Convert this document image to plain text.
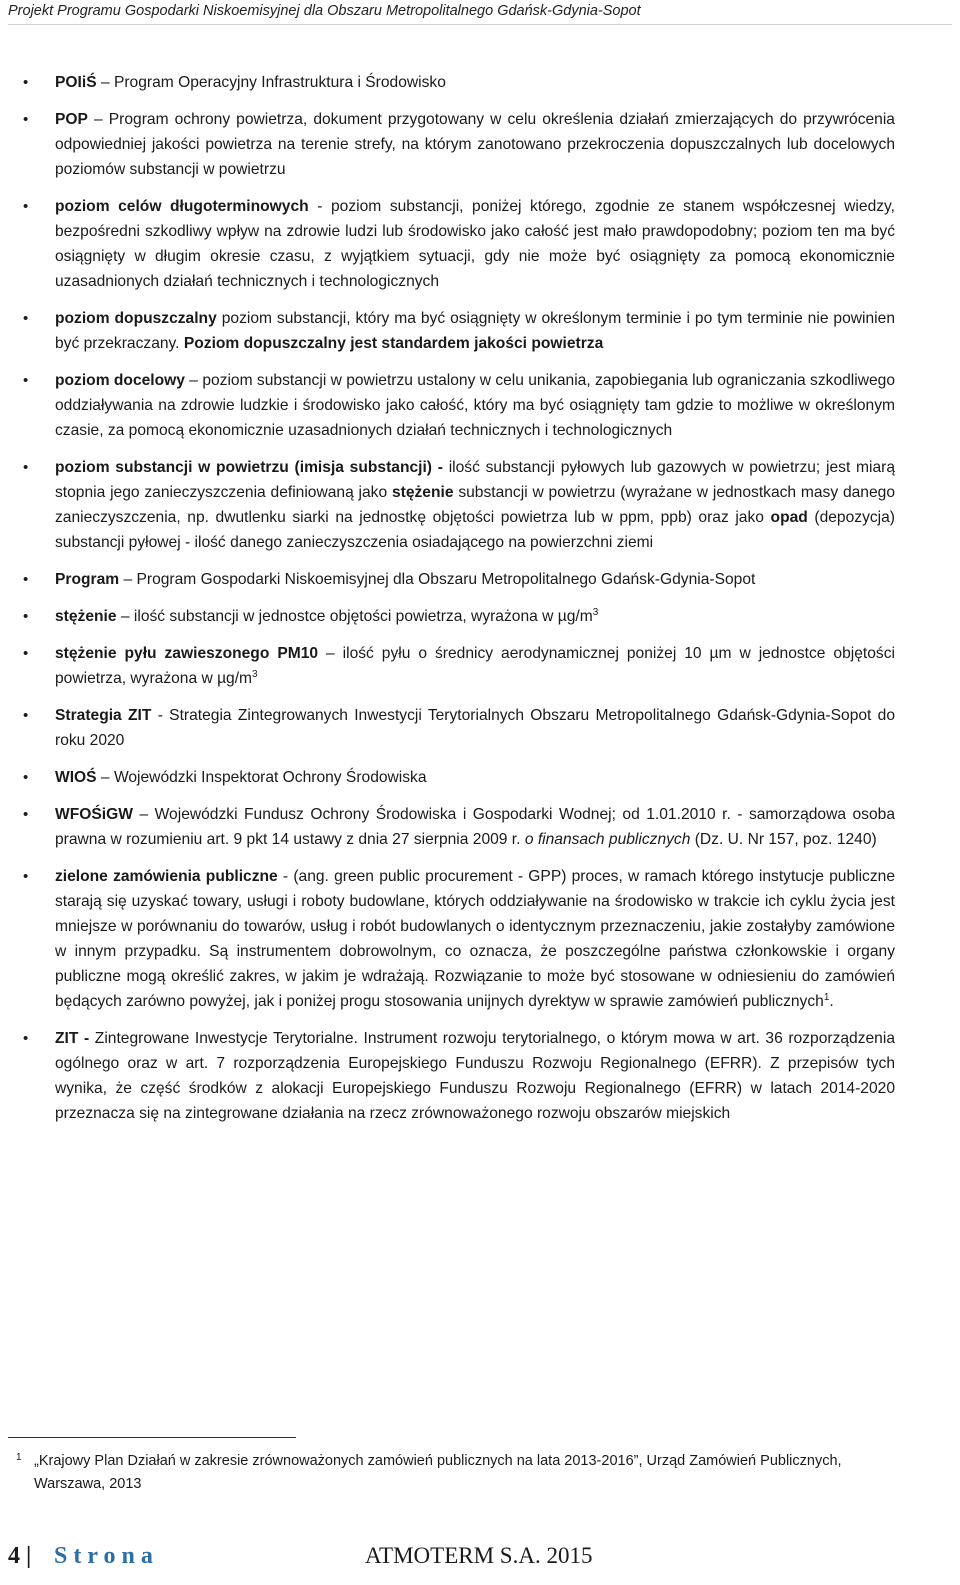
Projekt Programu Gospodarki Niskoemisyjnej dla Obszaru Metropolitalnego Gdańsk-Gdynia-Sopot
• POIiŚ – Program Operacyjny Infrastruktura i Środowisko
• POP – Program ochrony powietrza, dokument przygotowany w celu określenia działań zmierzających do przywrócenia odpowiedniej jakości powietrza na terenie strefy, na którym zanotowano przekroczenia dopuszczalnych lub docelowych poziomów substancji w powietrzu
• poziom celów długoterminowych - poziom substancji, poniżej którego, zgodnie ze stanem współczesnej wiedzy, bezpośredni szkodliwy wpływ na zdrowie ludzi lub środowisko jako całość jest mało prawdopodobny; poziom ten ma być osiągnięty w długim okresie czasu, z wyjątkiem sytuacji, gdy nie może być osiągnięty za pomocą ekonomicznie uzasadnionych działań technicznych i technologicznych
• poziom dopuszczalny poziom substancji, który ma być osiągnięty w określonym terminie i po tym terminie nie powinien być przekraczany. Poziom dopuszczalny jest standardem jakości powietrza
• poziom docelowy – poziom substancji w powietrzu ustalony w celu unikania, zapobiegania lub ograniczania szkodliwego oddziaływania na zdrowie ludzkie i środowisko jako całość, który ma być osiągnięty tam gdzie to możliwe w określonym czasie, za pomocą ekonomicznie uzasadnionych działań technicznych i technologicznych
• poziom substancji w powietrzu (imisja substancji) - ilość substancji pyłowych lub gazowych w powietrzu; jest miarą stopnia jego zanieczyszczenia definiowaną jako stężenie substancji w powietrzu (wyrażane w jednostkach masy danego zanieczyszczenia, np. dwutlenku siarki na jednostkę objętości powietrza lub w ppm, ppb) oraz jako opad (depozycja) substancji pyłowej - ilość danego zanieczyszczenia osiadającego na powierzchni ziemi
• Program – Program Gospodarki Niskoemisyjnej dla Obszaru Metropolitalnego Gdańsk-Gdynia-Sopot
• stężenie – ilość substancji w jednostce objętości powietrza, wyrażona w $\mu g/m^3$
• stężenie pyłu zawieszonego PM10 – ilość pyłu o średnicy aerodynamicznej poniżej 10 µm w jednostce objętości powietrza, wyrażona w $\mu g/m^3$
• Strategia ZIT - Strategia Zintegrowanych Inwestycji Terytorialnych Obszaru Metropolitalnego Gdańsk-Gdynia-Sopot do roku 2020
• WIOŚ – Wojewódzki Inspektorat Ochrony Środowiska
• WFOŚiGW – Wojewódzki Fundusz Ochrony Środowiska i Gospodarki Wodnej; od 1.01.2010 r. - samorządowa osoba prawna w rozumieniu art. 9 pkt 14 ustawy z dnia 27 sierpnia 2009 r. o finansach publicznych (Dz. U. Nr 157, poz. 1240)
• zielone zamówienia publiczne - (ang. green public procurement - GPP) proces, w ramach którego instytucje publiczne starają się uzyskać towary, usługi i roboty budowlane, których oddziaływanie na środowisko w trakcie ich cyklu życia jest mniejsze w porównaniu do towarów, usług i robót budowlanych o identycznym przeznaczeniu, jakie zostałyby zamówione w innym przypadku. Są instrumentem dobrowolnym, co oznacza, że poszczególne państwa członkowskie i organy publiczne mogą określić zakres, w jakim je wdrażają. Rozwiązanie to może być stosowane w odniesieniu do zamówień będących zarówno powyżej, jak i poniżej progu stosowania unijnych dyrektyw w sprawie zamówień publicznych$^1$.
• ZIT - Zintegrowane Inwestycje Terytorialne. Instrument rozwoju terytorialnego, o którym mowa w art. 36 rozporządzenia ogólnego oraz w art. 7 rozporządzenia Europejskiego Funduszu Rozwoju Regionalnego (EFRR). Z przepisów tych wynika, że część środków z alokacji Europejskiego Funduszu Rozwoju Regionalnego (EFRR) w latach 2014-2020 przeznacza się na zintegrowane działania na rzecz zrównoważonego rozwoju obszarów miejskich
1 „Krajowy Plan Działań w zakresie zrównoważonych zamówień publicznych na lata 2013-2016”, Urząd Zamówień Publicznych, Warszawa, 2013
4 | Strona	ATMOTERM S.A. 2015
